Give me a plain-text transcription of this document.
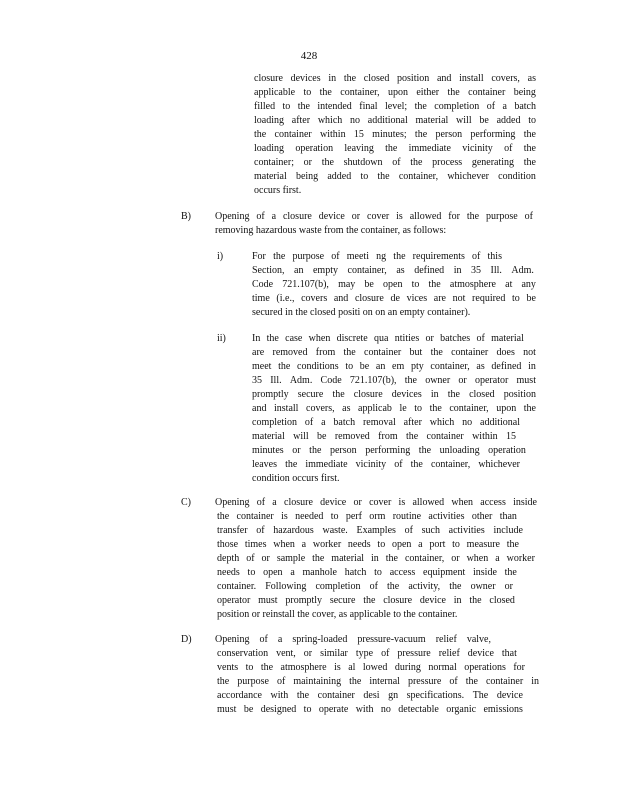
428
closure devices in the closed position and install covers, as
applicable to the container, upon either the container being
filled to the intended final level; the completion of a batch
loading after which no additional material will be added to
the container within 15 minutes; the person performing the
loading operation leaving the immediate vicinity of the
container; or the shutdown of the process generating the
material being added to the container, whichever condition
occurs first.
B) Opening of a closure device or cover is allowed for the purpose of
removing hazardous waste from the container, as follows:
i)	For the purpose of meeti ng the requirements of this
Section, an empty container, as defined in 35 Ill. Adm.
Code 721.107(b), may be open to the atmosphere at any
time (i.e., covers and closure de vices are not required to be
secured in the closed positi on on an empty container).
ii)	In the case when discrete qua ntities or batches of material
are removed from the container but the container does not
meet the conditions to be an em pty container, as defined in
35 Ill. Adm. Code 721.107(b), the owner or operator must
promptly secure the closure devices in the closed position
and install covers, as applicab le to the container, upon the
completion of a batch removal after which no additional
material will be removed from the container within 15
minutes or the person performing the unloading operation
leaves the immediate vicinity of the container, whichever
condition occurs first.
C) Opening of a closure device or cover is allowed when access inside
the container is needed to perf orm routine activities other than
transfer of hazardous waste. Examples of such activities include
those times when a worker needs to open a port to measure the
depth of or sample the material in the container, or when a worker
needs to open a manhole hatch to access equipment inside the
container. Following completion of the activity, the owner or
operator must promptly secure the closure device in the closed
position or reinstall the cover, as applicable to the container.
D) Opening of a spring-loaded pressure-vacuum relief valve,
conservation vent, or similar type of pressure relief device that
vents to the atmosphere is al lowed during normal operations for
the purpose of maintaining the internal pressure of the container in
accordance with the container desi gn specifications. The device
must be designed to operate with no detectable organic emissions
